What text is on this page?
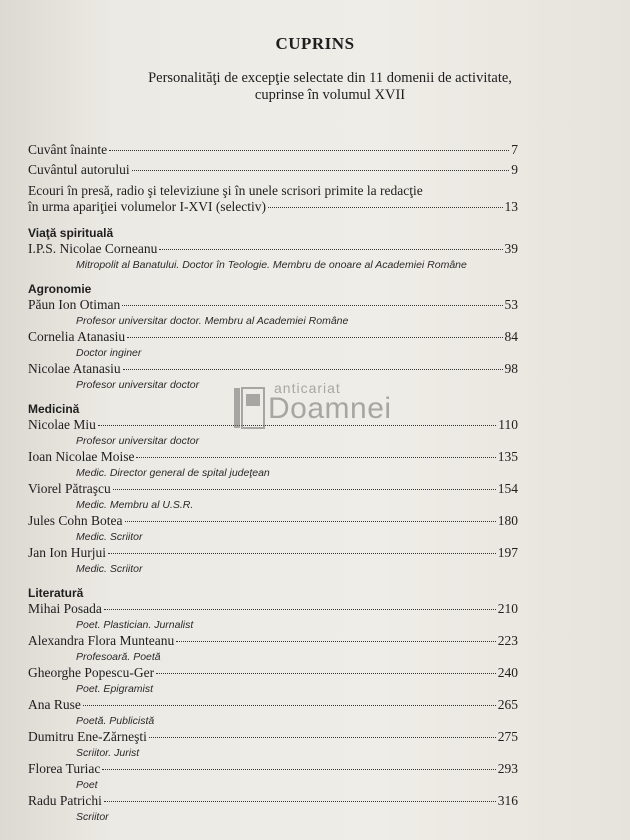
CUPRINS
Personalităţi de excepţie selectate din 11 domenii de activitate,
cuprinse în volumul XVII
Cuvânt înainte	7
Cuvântul autorului	9
Ecouri în presă, radio şi televiziune şi în unele scrisori primite la redacţie
în urma apariţiei volumelor I-XVI (selectiv)	13
Viaţă spirituală
I.P.S. Nicolae Corneanu	39
Mitropolit al Banatului. Doctor în Teologie. Membru de onoare al Academiei Române
Agronomie
Păun Ion Otiman	53
Profesor universitar doctor. Membru al Academiei Române
Cornelia Atanasiu	84
Doctor inginer
Nicolae Atanasiu	98
Profesor universitar doctor
Medicină
Nicolae Miu	110
Profesor universitar doctor
Ioan Nicolae Moise	135
Medic. Director general de spital judeţean
Viorel Pătraşcu	154
Medic. Membru al U.S.R.
Jules Cohn Botea	180
Medic. Scriitor
Jan Ion Hurjui	197
Medic. Scriitor
Literatură
Mihai Posada	210
Poet. Plastician. Jurnalist
Alexandra Flora Munteanu	223
Profesoară. Poetă
Gheorghe Popescu-Ger	240
Poet. Epigramist
Ana Ruse	265
Poetă. Publicistă
Dumitru Ene-Zărneşti	275
Scriitor. Jurist
Florea Turiac	293
Poet
Radu Patrichi	316
Scriitor
anticariat
Doamnei
